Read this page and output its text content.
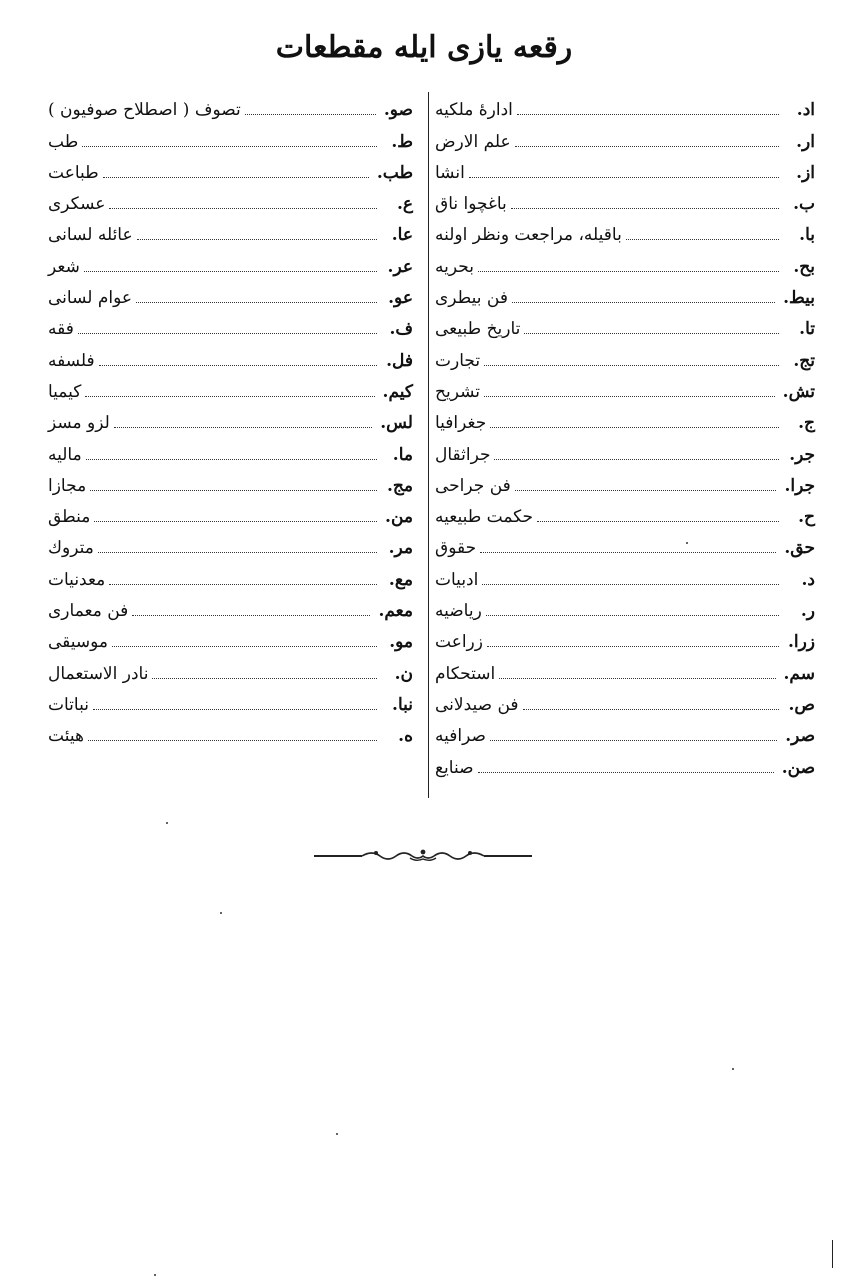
رقعه يازى ايله مقطعات
اد.
ادارهٔ ملكيه
ار.
علم الارض
از.
انشا
ب.
باغچوا ناق
با.
باقيله، مراجعت ونظر اولنه
بح.
بحريه
بيط.
فن بيطرى
تا.
تاريخ طبيعى
تج.
تجارت
تش.
تشريح
ج.
جغرافيا
جر.
جراثقال
جرا.
فن جراحى
ح.
حكمت طبيعيه
حق.
حقوق
د.
ادبيات
ر.
رياضيه
زرا.
زراعت
سم.
استحكام
ص.
فن صيدلانى
صر.
صرافيه
صن.
صنايع
صو.
تصوف ( اصطلاح صوفيون )
ط.
طب
طب.
طباعت
ع.
عسكرى
عا.
عائله لسانى
عر.
شعر
عو.
عوام لسانى
ف.
فقه
فل.
فلسفه
كيم.
كيميا
لس.
لزو مسز
ما.
ماليه
مج.
مجازا
من.
منطق
مر.
متروك
مع.
معدنيات
معم.
فن معمارى
مو.
موسيقى
ن.
نادر الاستعمال
نبا.
نباتات
ه.
هيئت
